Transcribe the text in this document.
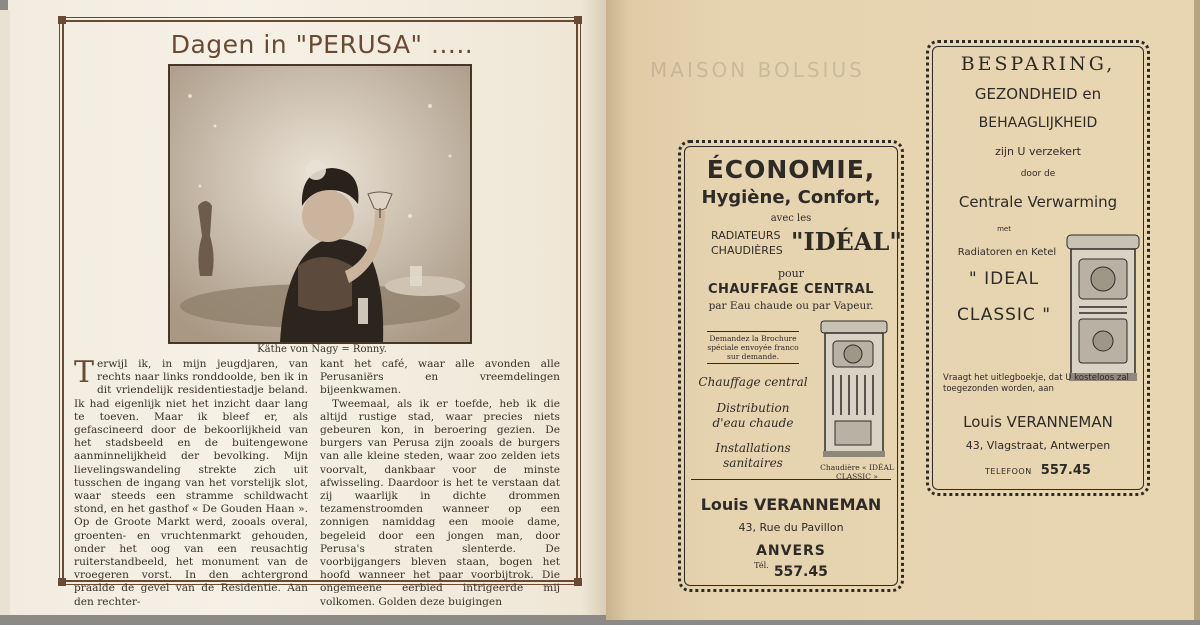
MAISON BOLSIUS
Dagen in "PERUSA" .....
Käthe von Nagy = Ronny.

Terwijl ik, in mijn jeugdjaren, van rechts naar links ronddoolde, ben ik in dit vriendelijk residentiestadje beland. Ik had eigenlijk niet het inzicht daar lang te toeven. Maar ik bleef er, als gefascineerd door de bekoorlijkheid van het stadsbeeld en de buitengewone aanminnelijkheid der bevolking. Mijn lievelingswandeling strekte zich uit tusschen de ingang van het vorstelijk slot, waar steeds een stramme schildwacht stond, en het gasthof « De Gouden Haan ». Op de Groote Markt werd, zooals overal, groenten- en vruchtenmarkt gehouden, onder het oog van een reusachtig ruiterstandbeeld, het monument van de vroegeren vorst. In den achtergrond praalde de gevel van de Residentie. Aan den rechter-

kant het café, waar alle avonden alle Perusaniërs en vreemdelingen bijeenkwamen.

Tweemaal, als ik er toefde, heb ik die altijd rustige stad, waar precies niets gebeuren kon, in beroering gezien. De burgers van Perusa zijn zooals de burgers van alle kleine steden, waar zoo zelden iets voorvalt, dankbaar voor de minste afwisseling. Daardoor is het te verstaan dat zij waarlijk in dichte drommen tezamenstroomden wanneer op een zonnigen namiddag een mooie dame, begeleid door een jongen man, door Perusa's straten slenterde. De voorbijgangers bleven staan, bogen het hoofd wanneer het paar voorbijtrok. Die ongemeene eerbied intrigeerde mij volkomen. Golden deze buigingen

ÉCONOMIE,
Hygiène, Confort,
avec les
RADIATEURS
CHAUDIÈRES "IDÉAL"
pour
CHAUFFAGE CENTRAL
par Eau chaude ou par Vapeur.
Demandez la Brochure spéciale envoyée franco sur demande.
Chauffage central
Distribution d'eau chaude
Installations sanitaires	Chaudière « IDÉAL CLASSIC »
Louis VERANNEMAN
43, Rue du Pavillon
ANVERS
$^{Tél.}$ 557.45
BESPARING,
GEZONDHEID en
BEHAAGLIJKHEID
zijn U verzekert
door de
Centrale Verwarming
met
Radiatoren en Ketel
" IDEAL
CLASSIC "
Vraagt het uitlegboekje, dat U kosteloos zal toegezonden worden, aan
Louis VERANNEMAN
43, Vlagstraat, Antwerpen
TELEFOON 557.45
